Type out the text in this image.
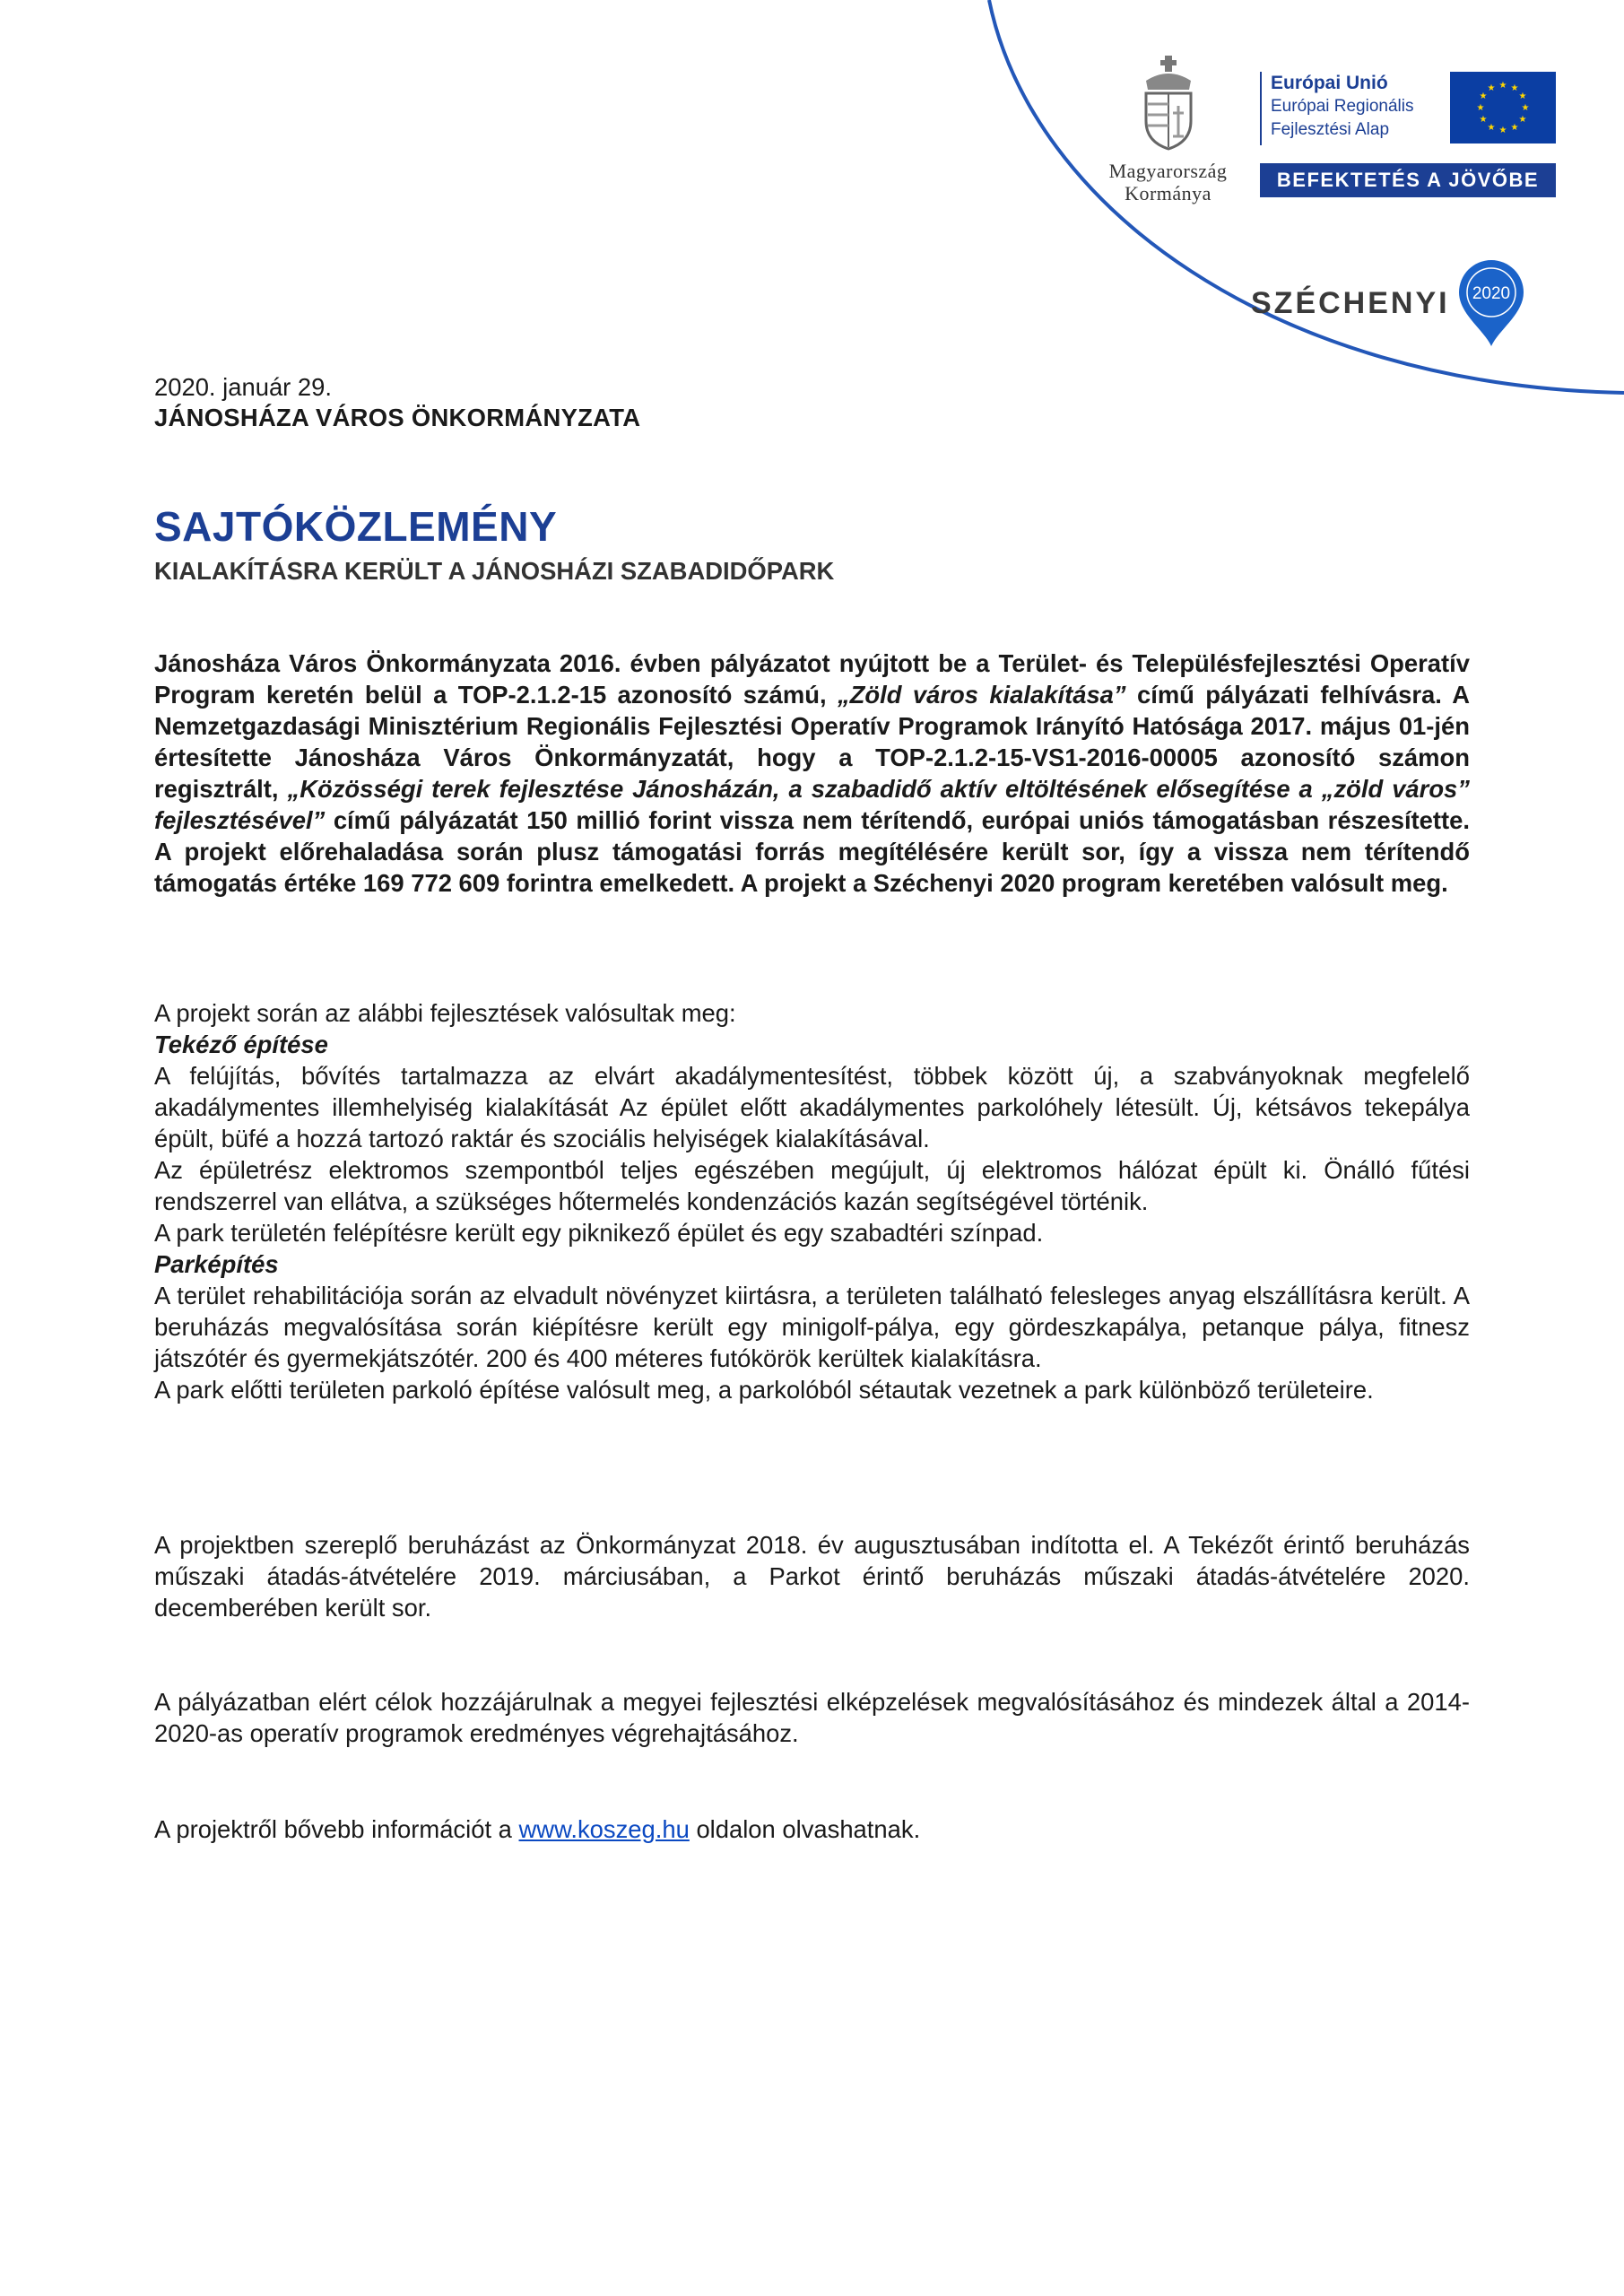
Magyarország
Kormánya
Európai Unió
Európai Regionális
Fejlesztési Alap
★ ★
★
★
★
★
★
★
★
★
★
★
BEFEKTETÉS A JÖVŐBE
SZÉCHENYI 2020
2020. január 29.
JÁNOSHÁZA VÁROS ÖNKORMÁNYZATA
SAJTÓKÖZLEMÉNY
KIALAKÍTÁSRA KERÜLT A JÁNOSHÁZI SZABADIDŐPARK
Jánosháza Város Önkormányzata 2016. évben pályázatot nyújtott be a Terület- és Településfejlesztési Operatív Program keretén belül a TOP-2.1.2-15 azonosító számú, „Zöld város kialakítása” című pályázati felhívásra. A Nemzetgazdasági Minisztérium Regionális Fejlesztési Operatív Programok Irányító Hatósága 2017. május 01-jén értesítette Jánosháza Város Önkormányzatát, hogy a TOP-2.1.2-15-VS1-2016-00005 azonosító számon regisztrált, „Közösségi terek fejlesztése Jánosházán, a szabadidő aktív eltöltésének elősegítése a „zöld város” fejlesztésével” című pályázatát 150 millió forint vissza nem térítendő, európai uniós támogatásban részesítette. A projekt előrehaladása során plusz támogatási forrás megítélésére került sor, így a vissza nem térítendő támogatás értéke 169 772 609 forintra emelkedett. A projekt a Széchenyi 2020 program keretében valósult meg.

A projekt során az alábbi fejlesztések valósultak meg:

Tekéző építése

A felújítás, bővítés tartalmazza az elvárt akadálymentesítést, többek között új, a szabványoknak megfelelő akadálymentes illemhelyiség kialakítását Az épület előtt akadálymentes parkolóhely létesült. Új, kétsávos tekepálya épült, büfé a hozzá tartozó raktár és szociális helyiségek kialakításával.

Az épületrész elektromos szempontból teljes egészében megújult, új elektromos hálózat épült ki. Önálló fűtési rendszerrel van ellátva, a szükséges hőtermelés kondenzációs kazán segítségével történik.

A park területén felépítésre került egy piknikező épület és egy szabadtéri színpad.

Parképítés

A terület rehabilitációja során az elvadult növényzet kiirtásra, a területen található felesleges anyag elszállításra került. A beruházás megvalósítása során kiépítésre került egy minigolf-pálya, egy gördeszkapálya, petanque pálya, fitnesz játszótér és gyermekjátszótér. 200 és 400 méteres futókörök kerültek kialakításra.

A park előtti területen parkoló építése valósult meg, a parkolóból sétautak vezetnek a park különböző területeire.

A projektben szereplő beruházást az Önkormányzat 2018. év augusztusában indította el. A Tekézőt érintő beruházás műszaki átadás-átvételére 2019. márciusában, a Parkot érintő beruházás műszaki átadás-átvételére 2020. decemberében került sor.
A pályázatban elért célok hozzájárulnak a megyei fejlesztési elképzelések megvalósításához és mindezek által a 2014-2020-as operatív programok eredményes végrehajtásához.
A projektről bővebb információt a www.koszeg.hu oldalon olvashatnak.
